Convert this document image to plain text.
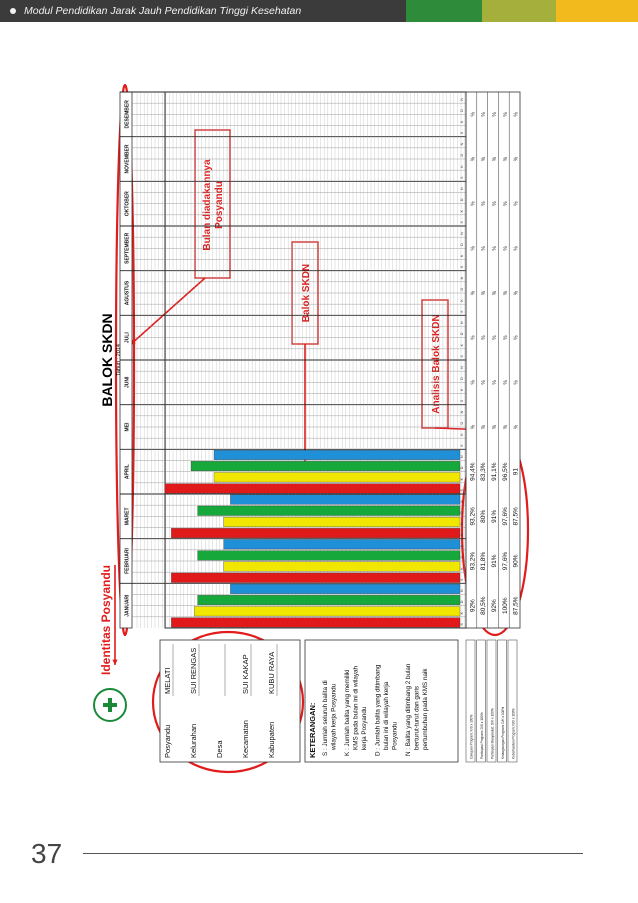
Modul Pendidikan Jarak Jauh Pendidikan Tinggi Kesehatan
Bulan diadakannya Posyandu
Balok SKDN
Analisis Balok SKDN
Identitas Posyandu JANUARI
S
K
D
N
FEBRUARI
S
K
D
N
MARET
S
K
D
N
APRIL
S
K
D
N
MEI
S
K
D
N
JUNI
S
K
D
N
JULI
S
K
D
N
AGUSTUS
S
K
D
N
SEPTEMBER
S
K
D
N
OKTOBER
S
K
D
N
NOVEMBER
S
K
D
N
DESEMBER
S
K
D
N
92%
93,2%
93,2%
94,4%
%
%
%
%
%
%
%
%
80,5%
81,8%
80%
83,3%
%
%
%
%
%
%
%
%
92%
91%
91%
91,1%
%
%
%
%
%
%
%
%
100%
97,6%
97,6%
96,5%
%
%
%
%
%
%
%
%
87,5%
90%
87,5%
91
%
%
%
%
%
%
%
%
BALOK SKDN Tahun : 2014
Posyandu
MELATI
Kelurahan
SUI RENGAS
Desa Kecamatan
SUI KAKAP
Kabupaten
KUBU RAYA
KETERANGAN: S : Jumlah seluruh balita di wilayah kerja Posyandu K : Jumlah balita yang memiliki KMS pada bulan ini di wilayah kerja Posyandu D : Jumlah balita yang ditimbang bulan ini di wilayah kerja Posyandu N : Balita yang ditimbang 2 bulan berturut-turut dan garis pertumbuhan pada KMS naik	Cakupan Program: K/S x 100% Partisipasi Program: D/S x 100% Partisipasi Masyarakat: D/K x 100% Kelangsungan Program: D/K x 100% Keberhasilan Program: N/D x 100%
37
